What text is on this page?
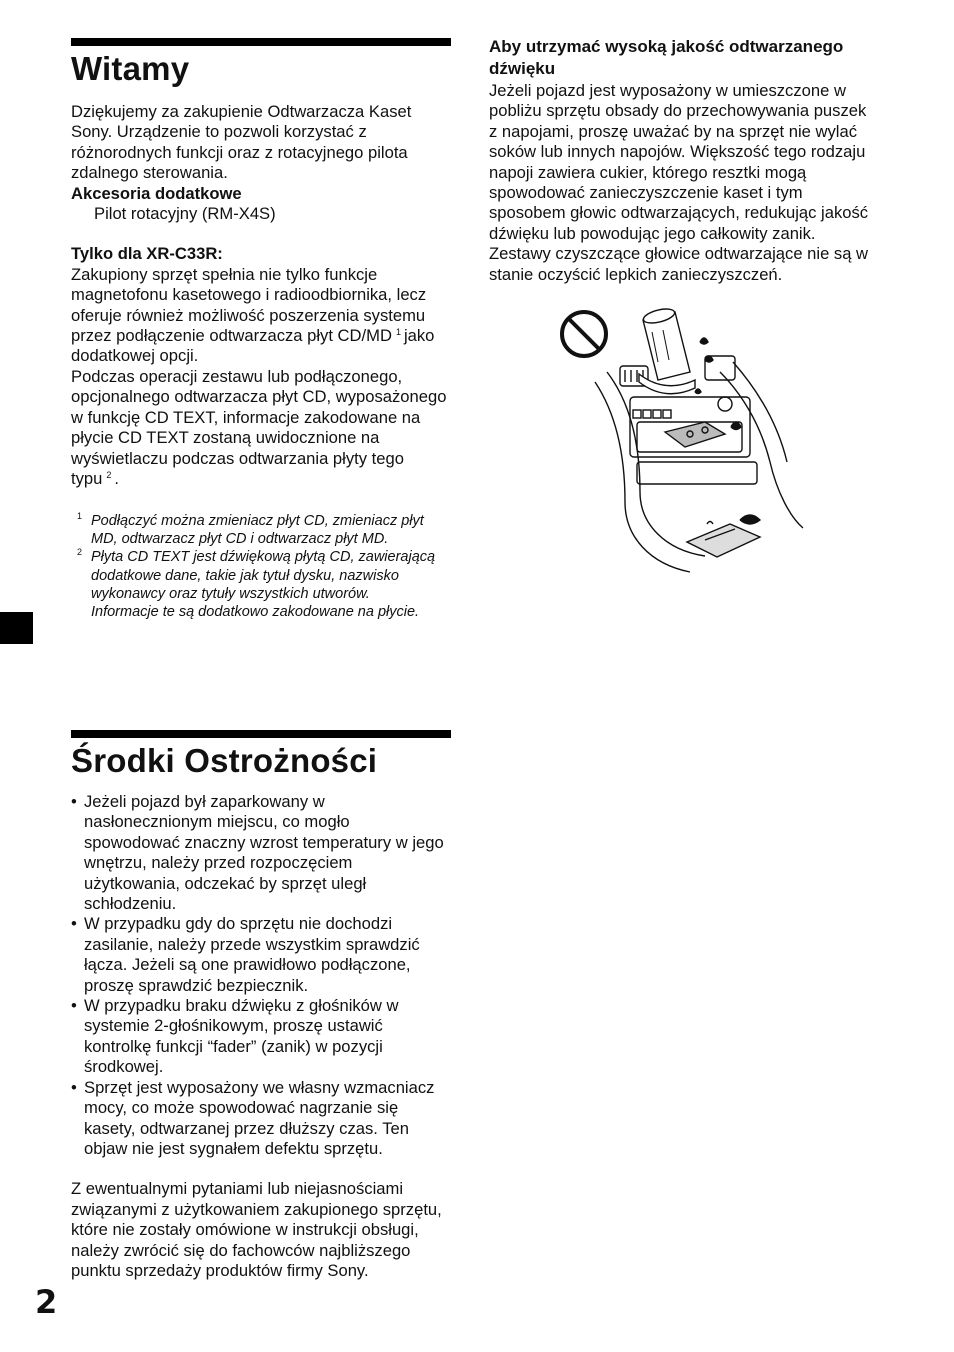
Witamy

Dziękujemy za zakupienie Odtwarzacza Kaset Sony. Urządzenie to pozwoli korzystać z różnorodnych funkcji oraz z rotacyjnego pilota zdalnego sterowania.

Akcesoria dodatkowe

Pilot rotacyjny (RM-X4S)

Tylko dla XR-C33R:

Zakupiony sprzęt spełnia nie tylko funkcje magnetofonu kasetowego i radioodbiornika, lecz oferuje również możliwość poszerzenia systemu przez podłączenie odtwarzacza płyt CD/MD $^1$ jako dodatkowej opcji.

Podczas operacji zestawu lub podłączonego, opcjonalnego odtwarzacza płyt CD, wyposażonego w funkcję CD TEXT, informacje zakodowane na płycie CD TEXT zostaną uwidocznione na wyświetlaczu podczas odtwarzania płyty tego typu $^2$ .

1 Podłączyć można zmieniacz płyt CD, zmieniacz płyt MD, odtwarzacz płyt CD i odtwarzacz płyt MD.

2 Płyta CD TEXT jest dźwiękową płytą CD, zawierającą dodatkowe dane, takie jak tytuł dysku, nazwisko wykonawcy oraz tytuły wszystkich utworów.

Informacje te są dodatkowo zakodowane na płycie.

Środki Ostrożności
• Jeżeli pojazd był zaparkowany w nasłonecznionym miejscu, co mogło spowodować znaczny wzrost temperatury w jego wnętrzu, należy przed rozpoczęciem użytkowania, odczekać by sprzęt uległ schłodzeniu.
• W przypadku gdy do sprzętu nie dochodzi zasilanie, należy przede wszystkim sprawdzić łącza. Jeżeli są one prawidłowo podłączone, proszę sprawdzić bezpiecznik.
• W przypadku braku dźwięku z głośników w systemie 2-głośnikowym, proszę ustawić kontrolkę funkcji “fader” (zanik) w pozycji środkowej.
• Sprzęt jest wyposażony we własny wzmacniacz mocy, co może spowodować nagrzanie się kasety, odtwarzanej przez dłuższy czas. Ten objaw nie jest sygnałem defektu sprzętu.

Z ewentualnymi pytaniami lub niejasnościami związanymi z użytkowaniem zakupionego sprzętu, które nie zostały omówione w instrukcji obsługi, należy zwrócić się do fachowców najbliższego punktu sprzedaży produktów firmy Sony.

Aby utrzymać wysoką jakość odtwarzanego dźwięku

Jeżeli pojazd jest wyposażony w umieszczone w pobliżu sprzętu obsady do przechowywania puszek z napojami, proszę uważać by na sprzęt nie wylać soków lub innych napojów. Większość tego rodzaju napoji zawiera cukier, którego resztki mogą spowodować zanieczyszczenie kaset i tym sposobem głowic odtwarzających, redukując jakość dźwięku lub powodując jego całkowity zanik. Zestawy czyszczące głowice odtwarzające nie są w stanie oczyścić lepkich zanieczyszczeń.

2
